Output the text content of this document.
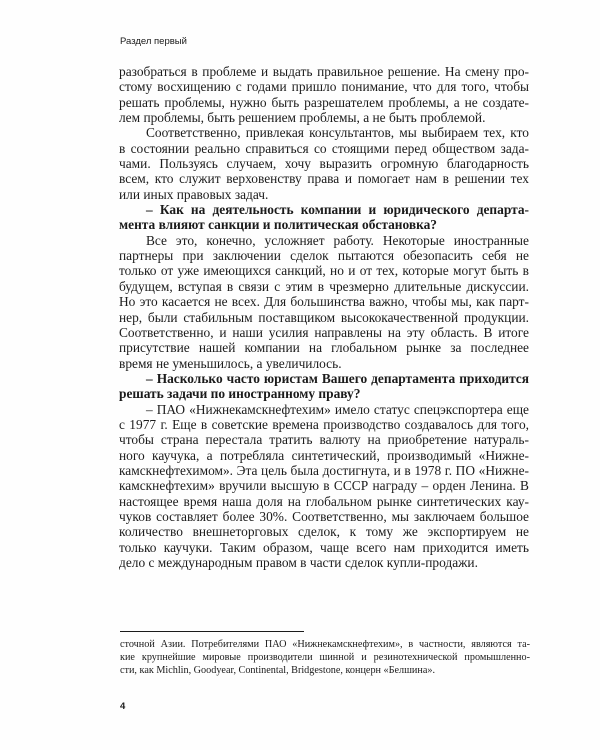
Раздел первый
разобраться в проблеме и выдать правильное решение. На смену про-
стому восхищению с годами пришло понимание, что для того, чтобы
решать проблемы, нужно быть разрешателем проблемы, а не создате-
лем проблемы, быть решением проблемы, а не быть проблемой.
Соответственно, привлекая консультантов, мы выбираем тех, кто
в состоянии реально справиться со стоящими перед обществом зада-
чами. Пользуясь случаем, хочу выразить огромную благодарность
всем, кто служит верховенству права и помогает нам в решении тех
или иных правовых задач.
– Как на деятельность компании и юридического департа-
мента влияют санкции и политическая обстановка?
Все это, конечно, усложняет работу. Некоторые иностранные
партнеры при заключении сделок пытаются обезопасить себя не
только от уже имеющихся санкций, но и от тех, которые могут быть в
будущем, вступая в связи с этим в чрезмерно длительные дискуссии.
Но это касается не всех. Для большинства важно, чтобы мы, как парт-
нер, были стабильным поставщиком высококачественной продукции.
Соответственно, и наши усилия направлены на эту область. В итоге
присутствие нашей компании на глобальном рынке за последнее
время не уменьшилось, а увеличилось.
– Насколько часто юристам Вашего департамента приходится
решать задачи по иностранному праву?
– ПАО «Нижнекамскнефтехим» имело статус спецэкспортера еще
с 1977 г. Еще в советские времена производство создавалось для того,
чтобы страна перестала тратить валюту на приобретение натураль-
ного каучука, а потребляла синтетический, производимый «Нижне-
камскнефтехимом». Эта цель была достигнута, и в 1978 г. ПО «Нижне-
камскнефтехим» вручили высшую в СССР награду – орден Ленина. В
настоящее время наша доля на глобальном рынке синтетических кау-
чуков составляет более 30%. Соответственно, мы заключаем большое
количество внешнеторговых сделок, к тому же экспортируем не
только каучуки. Таким образом, чаще всего нам приходится иметь
дело с международным правом в части сделок купли-продажи.
сточной Азии. Потребителями ПАО «Нижнекамскнефтехим», в частности, являются та-
кие крупнейшие мировые производители шинной и резинотехнической промышленно-
сти, как Michlin, Goodyear, Continental, Bridgestone, концерн «Белшина».
4
